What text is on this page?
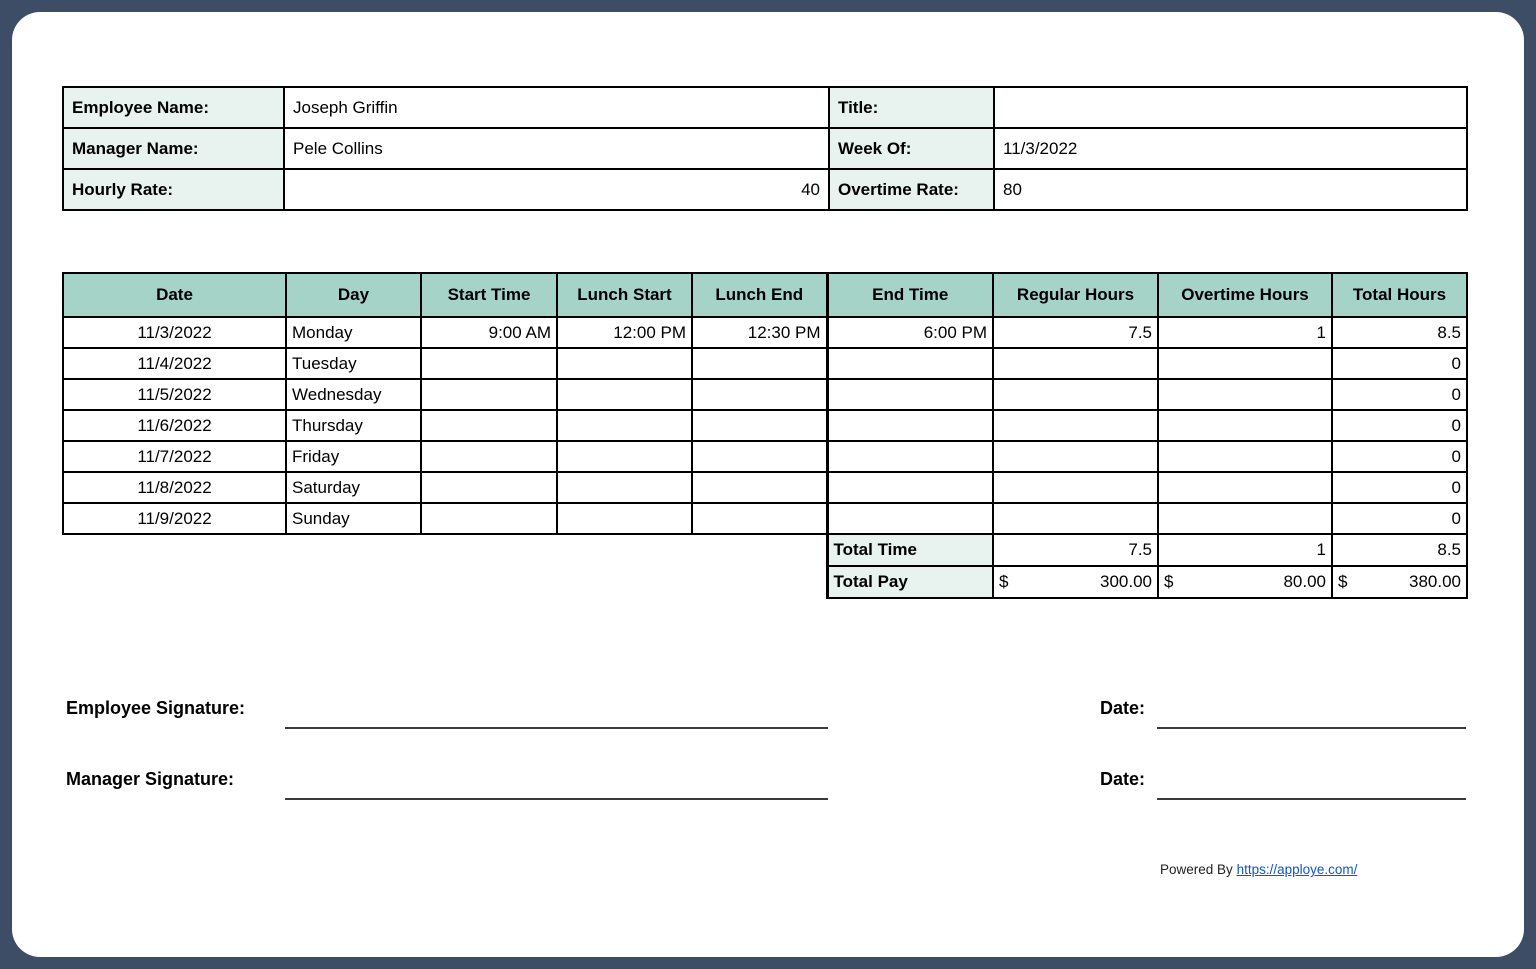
Employee Name:	Joseph Griffin	Title:	
Manager Name:	Pele Collins	Week Of:	11/3/2022
Hourly Rate:	40	Overtime Rate:	80
Date	Day	Start Time	Lunch Start	Lunch End	End Time	Regular Hours	Overtime Hours	Total Hours
11/3/2022	Monday	9:00 AM	12:00 PM	12:30 PM	6:00 PM	7.5	1	8.5
11/4/2022	Tuesday							0
11/5/2022	Wednesday							0
11/6/2022	Thursday							0
11/7/2022	Friday							0
11/8/2022	Saturday							0
11/9/2022	Sunday							0
					Total Time	7.5	1	8.5
					Total Pay	$ 300.00	$ 80.00	$ 380.00
Employee Signature:	Date:
Manager Signature:	Date:
Powered By https://apploye.com/
